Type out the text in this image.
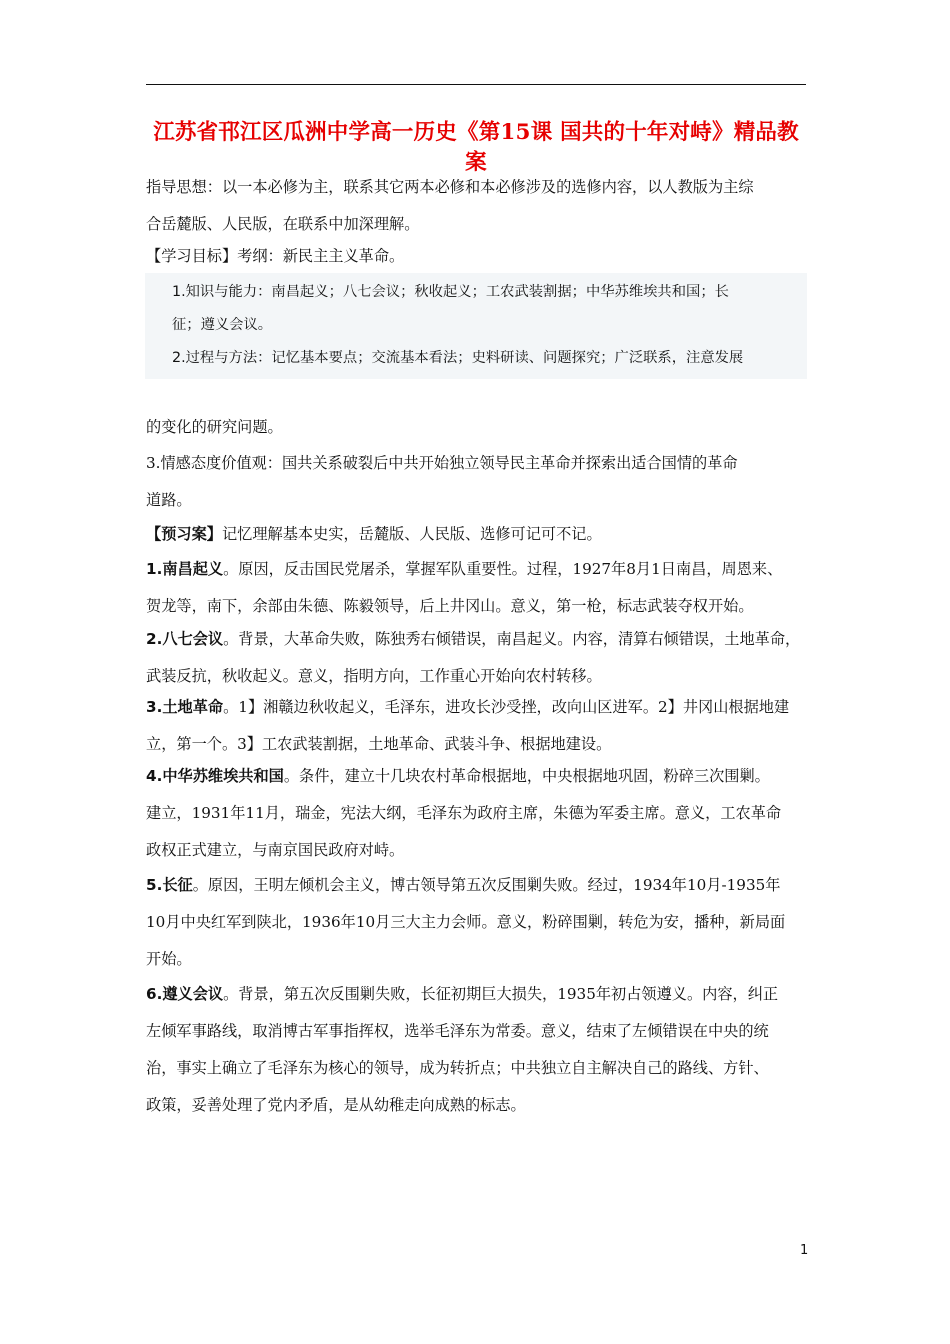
江苏省邗江区瓜洲中学高一历史《第15课 国共的十年对峙》精品教
案
指导思想：以一本必修为主，联系其它两本必修和本必修涉及的选修内容，以人教版为主综
合岳麓版、人民版，在联系中加深理解。
【学习目标】考纲：新民主主义革命。
1.知识与能力：南昌起义；八七会议；秋收起义；工农武装割据；中华苏维埃共和国；长
征；遵义会议。
2.过程与方法：记忆基本要点；交流基本看法；史料研读、问题探究；广泛联系，注意发展
的变化的研究问题。
3.情感态度价值观：国共关系破裂后中共开始独立领导民主革命并探索出适合国情的革命
道路。
【预习案】记忆理解基本史实，岳麓版、人民版、选修可记可不记。
1.南昌起义。原因，反击国民党屠杀，掌握军队重要性。过程，1927年8月1日南昌，周恩来、
贺龙等，南下，余部由朱德、陈毅领导，后上井冈山。意义，第一枪，标志武装夺权开始。
2.八七会议。背景，大革命失败，陈独秀右倾错误，南昌起义。内容，清算右倾错误，土地革命，
武装反抗，秋收起义。意义，指明方向，工作重心开始向农村转移。
3.土地革命。1】湘赣边秋收起义，毛泽东，进攻长沙受挫，改向山区进军。2】井冈山根据地建
立，第一个。3】工农武装割据，土地革命、武装斗争、根据地建设。
4.中华苏维埃共和国。条件，建立十几块农村革命根据地，中央根据地巩固，粉碎三次围剿。
建立，1931年11月，瑞金，宪法大纲，毛泽东为政府主席，朱德为军委主席。意义，工农革命
政权正式建立，与南京国民政府对峙。
5.长征。原因，王明左倾机会主义，博古领导第五次反围剿失败。经过，1934年10月-1935年
10月中央红军到陕北，1936年10月三大主力会师。意义，粉碎围剿，转危为安，播种，新局面
开始。
6.遵义会议。背景，第五次反围剿失败，长征初期巨大损失，1935年初占领遵义。内容，纠正
左倾军事路线，取消博古军事指挥权，选举毛泽东为常委。意义，结束了左倾错误在中央的统
治，事实上确立了毛泽东为核心的领导，成为转折点；中共独立自主解决自己的路线、方针、
政策，妥善处理了党内矛盾，是从幼稚走向成熟的标志。
1
